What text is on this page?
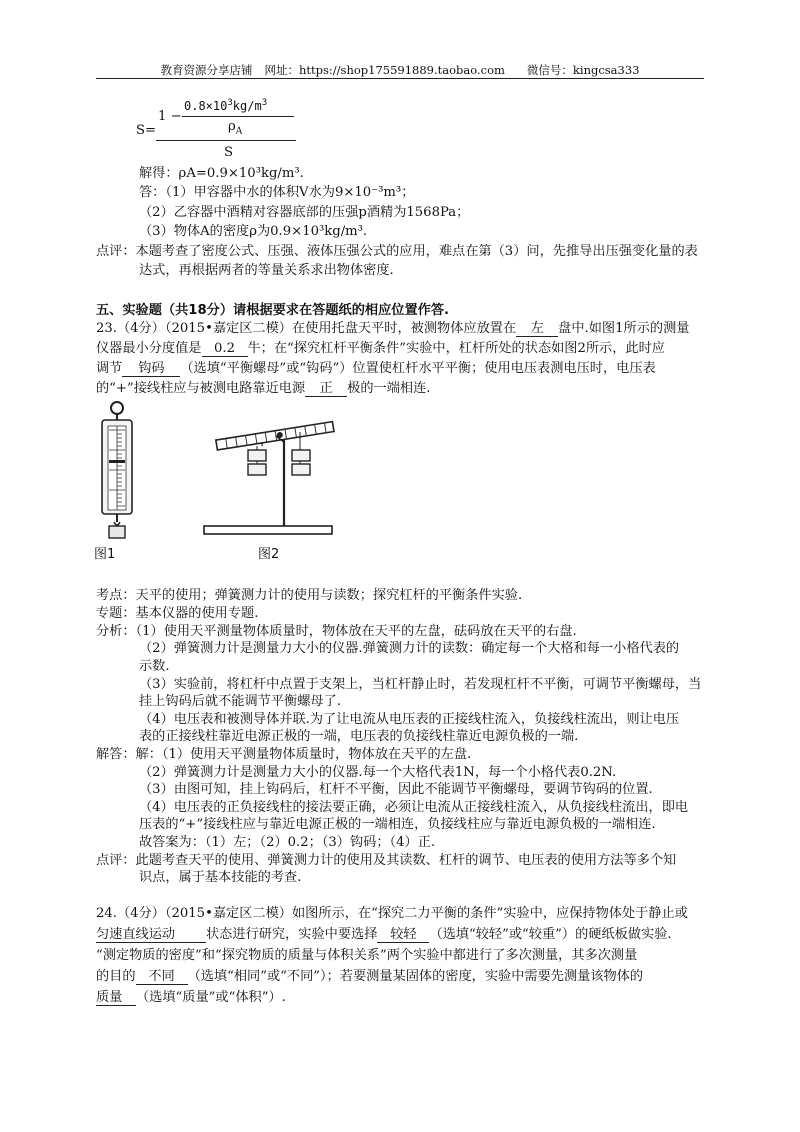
教育资源分享店铺 网址：https://shop175591889.taobao.com 微信号：kingcsa333
S=
1 −
$0.8\times 10^3kg/m^3$
$\rho_A$
S
解得：ρA=0.9×10³kg/m³.
答：（1）甲容器中水的体积V水为9×10⁻³m³；
（2）乙容器中酒精对容器底部的压强p酒精为1568Pa；
（3）物体A的密度ρ为0.9×10³kg/m³.
点评：本题考查了密度公式、压强、液体压强公式的应用，难点在第（3）问，先推导出压强变化量的表
达式，再根据两者的等量关系求出物体密度.
五、实验题（共18分）请根据要求在答题纸的相应位置作答.
23.（4分）（2015•嘉定区二模）在使用托盘天平时，被测物体应放置在 左 盘中.如图1所示的测量
仪器最小分度值是 0.2 牛；在“探究杠杆平衡条件”实验中，杠杆所处的状态如图2所示，此时应
调节 钩码 （选填“平衡螺母”或“钩码”）位置使杠杆水平平衡；使用电压表测电压时，电压表
的“+”接线柱应与被测电路靠近电源 正 极的一端相连.
图1	图2
考点：天平的使用；弹簧测力计的使用与读数；探究杠杆的平衡条件实验.
专题：基本仪器的使用专题.
分析：（1）使用天平测量物体质量时，物体放在天平的左盘，砝码放在天平的右盘.
（2）弹簧测力计是测量力大小的仪器.弹簧测力计的读数：确定每一个大格和每一小格代表的
示数.
（3）实验前，将杠杆中点置于支架上，当杠杆静止时，若发现杠杆不平衡，可调节平衡螺母，当
挂上钩码后就不能调节平衡螺母了.
（4）电压表和被测导体并联.为了让电流从电压表的正接线柱流入，负接线柱流出，则让电压
表的正接线柱靠近电源正极的一端，电压表的负接线柱靠近电源负极的一端.
解答：解：（1）使用天平测量物体质量时，物体放在天平的左盘.
（2）弹簧测力计是测量力大小的仪器.每一个大格代表1N，每一个小格代表0.2N.
（3）由图可知，挂上钩码后，杠杆不平衡，因此不能调节平衡螺母，要调节钩码的位置.
（4）电压表的正负接线柱的接法要正确，必须让电流从正接线柱流入，从负接线柱流出，即电
压表的“+”接线柱应与靠近电源正极的一端相连，负接线柱应与靠近电源负极的一端相连.
故答案为：（1）左；（2）0.2；（3）钩码；（4）正.
点评：此题考查天平的使用、弹簧测力计的使用及其读数、杠杆的调节、电压表的使用方法等多个知
识点，属于基本技能的考查.
24.（4分）（2015•嘉定区二模）如图所示，在“探究二力平衡的条件”实验中，应保持物体处于静止或
匀速直线运动 状态进行研究，实验中要选择 较轻 （选填“较轻”或“较重”）的硬纸板做实验.
“测定物质的密度”和“探究物质的质量与体积关系”两个实验中都进行了多次测量，其多次测量
的目的 不同 （选填“相同”或“不同”）；若要测量某固体的密度，实验中需要先测量该物体的
质量 （选填“质量”或“体积”）.
